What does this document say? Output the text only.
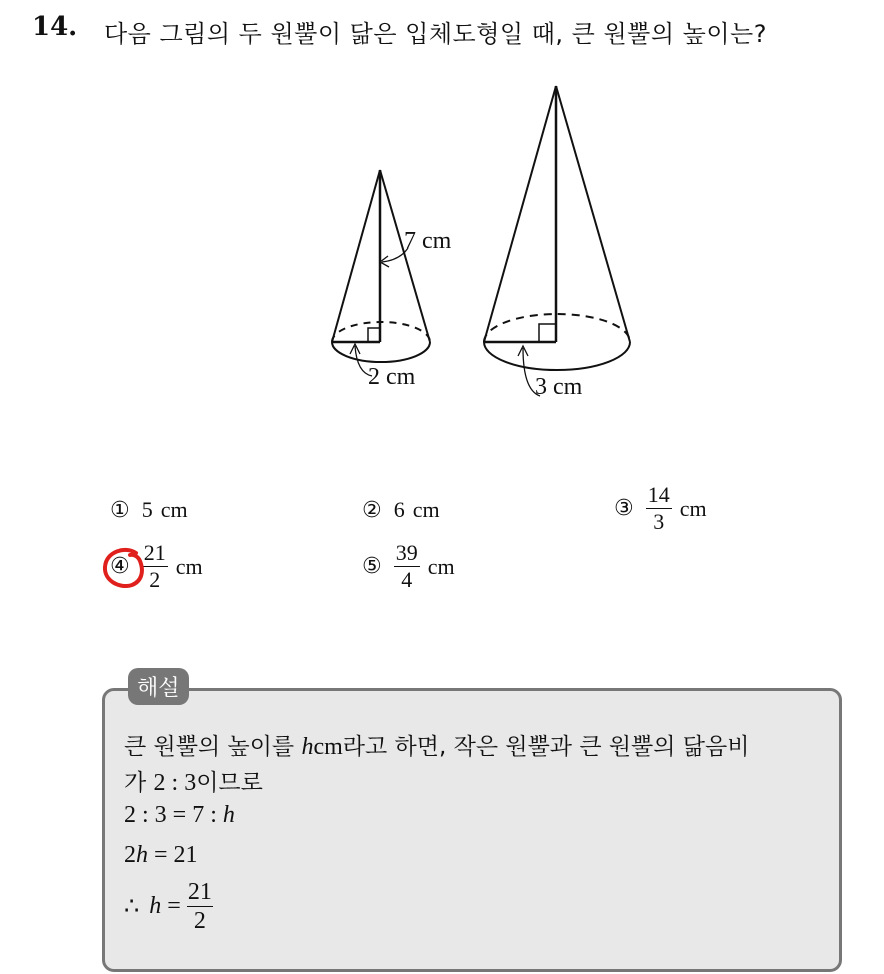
14. 다음 그림의 두 원뿔이 닮은 입체도형일 때, 큰 원뿔의 높이는?
7 cm
2 cm	3 cm
① 5 cm	② 6 cm	③ $\frac{14}{3}$ cm
④ $\frac{21}{2}$ cm	⑤ $\frac{39}{4}$ cm
해설
큰 원뿔의 높이를 hcm라고 하면, 작은 원뿔과 큰 원뿔의 닮음비
가 2 : 3이므로
2 : 3 = 7 : h
2h = 21
∴ $h = \frac{21}{2}$
